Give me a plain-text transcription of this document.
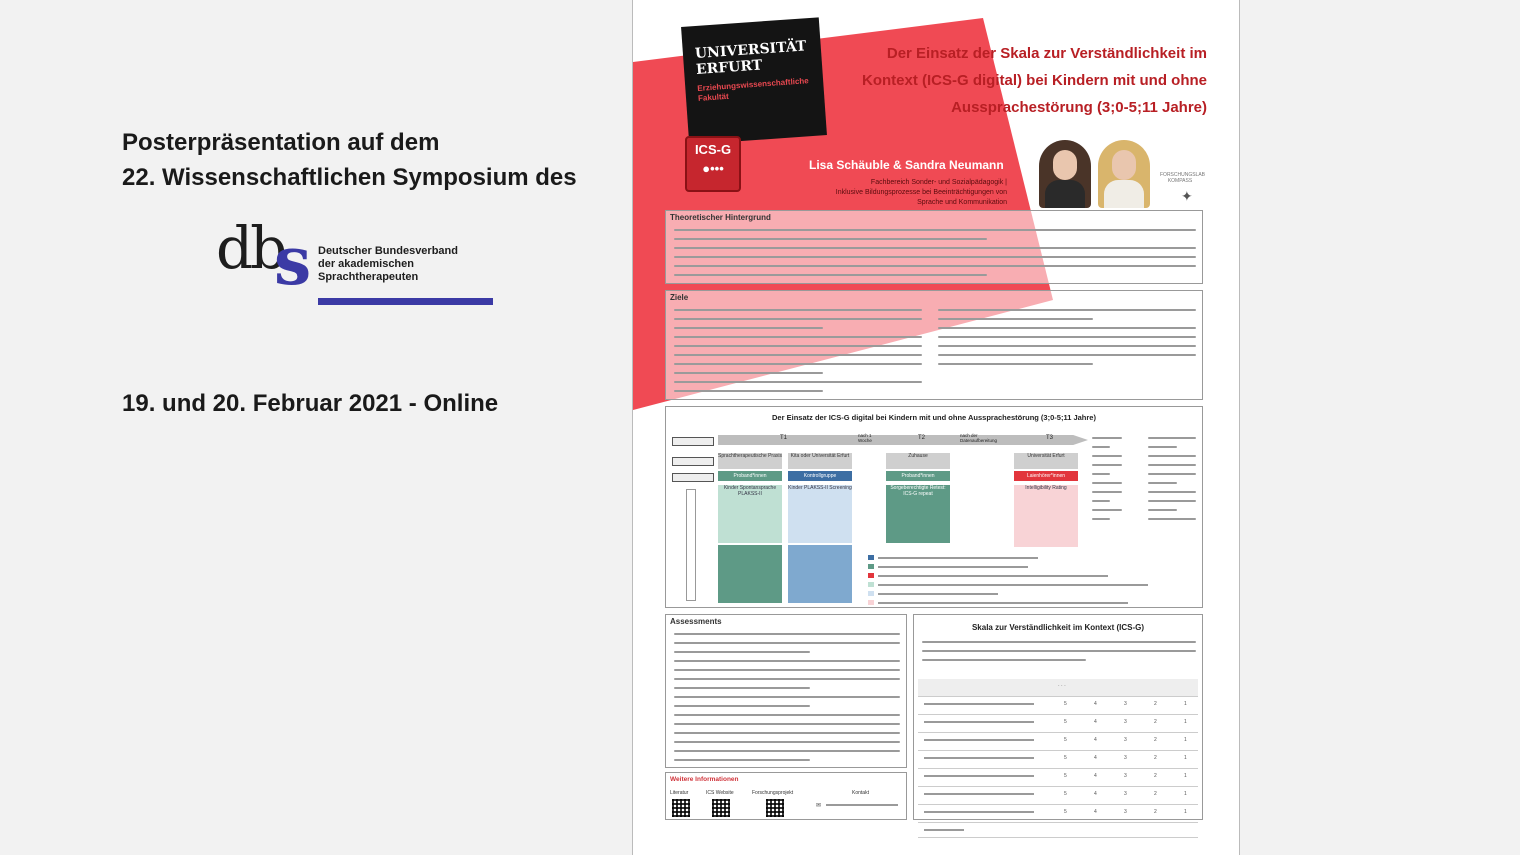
Posterpräsentation auf dem
22. Wissenschaftlichen Symposium des

db
s Deutscher Bundesverband
der akademischen
Sprachtherapeuten

19. und 20. Februar 2021 - Online

UNIVERSITÄT
ERFURT

Erziehungswissenschaftliche
Fakultät

Der Einsatz der Skala zur Verständlichkeit im
Kontext (ICS-G digital) bei Kindern mit und ohne
Aussprachestörung (3;0-5;11 Jahre)

ICS-G
●•••	Lisa Schäuble & Sandra Neumann
Fachbereich Sonder- und Sozialpädagogik |
Inklusive Bildungsprozesse bei Beeinträchtigungen von Sprache und Kommunikation
FORSCHUNGSLAB KOMPASS
✦
Theoretischer Hintergrund
Ziele
Der Einsatz der ICS-G digital bei Kindern mit und ohne Aussprachestörung (3;0-5;11 Jahre)
T1	T2	T3
nach 1 Woche
nach der Datenaufbereitung
Sprachtherapeutische Praxis
Proband*innen
Kinder Spontansprache PLAKSS-II
Kita oder Universität Erfurt
Kontrollgruppe
Kinder PLAKSS-II Screening
Zuhause
Proband*innen
Sorgeberechtigte Retest: ICS-G repeat
Universität Erfurt
Laienhörer*innen
Intelligibility Rating
Assessments
Weitere Informationen
Literatur	ICS Website	Forschungsprojekt	Kontakt
✉
Skala zur Verständlichkeit im Kontext (ICS-G)
· · ·
5	4	3	2	1
5	4	3	2	1
5	4	3	2	1
5	4	3	2	1
5	4	3	2	1
5	4	3	2	1
5	4	3	2	1
